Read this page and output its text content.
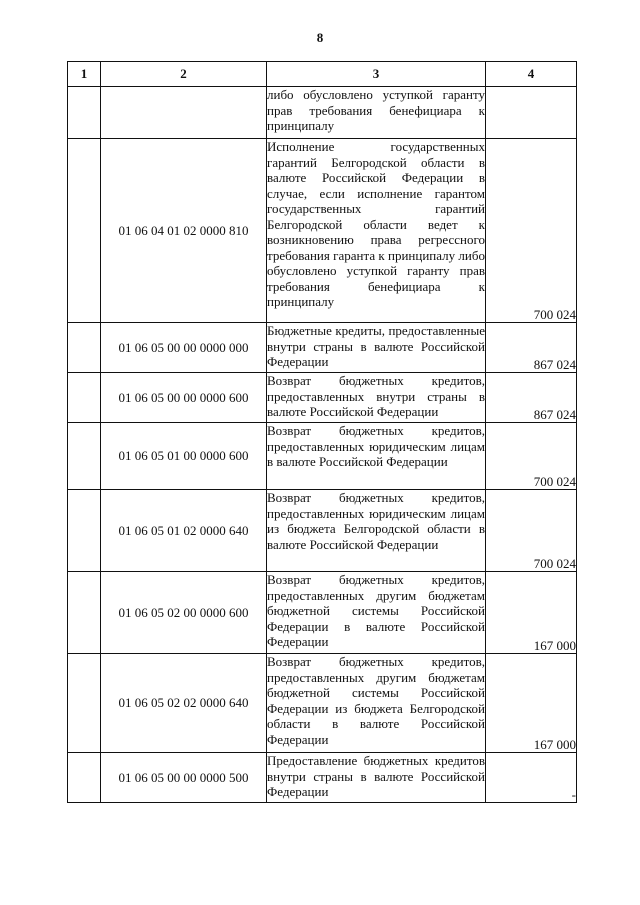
8
1	2	3	4
		либо обусловлено уступкой гаранту прав требования бенефициара к принципалу	
	01 06 04 01 02 0000 810	Исполнение государственных гарантий Белгородской области в валюте Российской Федерации в случае, если исполнение гарантом государственных гарантий Белгородской области ведет к возникновению права регрессного требования гаранта к принципалу либо обусловлено уступкой гаранту прав требования бенефициара к принципалу	700 024
	01 06 05 00 00 0000 000	Бюджетные кредиты, предоставленные внутри страны в валюте Российской Федерации	867 024
	01 06 05 00 00 0000 600	Возврат бюджетных кредитов, предоставленных внутри страны в валюте Российской Федерации	867 024
	01 06 05 01 00 0000 600	Возврат бюджетных кредитов, предоставленных юридическим лицам в валюте Российской Федерации	700 024
	01 06 05 01 02 0000 640	Возврат бюджетных кредитов, предоставленных юридическим лицам из бюджета Белгородской области в валюте Российской Федерации	700 024
	01 06 05 02 00 0000 600	Возврат бюджетных кредитов, предоставленных другим бюджетам бюджетной системы Российской Федерации в валюте Российской Федерации	167 000
	01 06 05 02 02 0000 640	Возврат бюджетных кредитов, предоставленных другим бюджетам бюджетной системы Российской Федерации из бюджета Белгородской области в валюте Российской Федерации	167 000
	01 06 05 00 00 0000 500	Предоставление бюджетных кредитов внутри страны в валюте Российской Федерации	-
